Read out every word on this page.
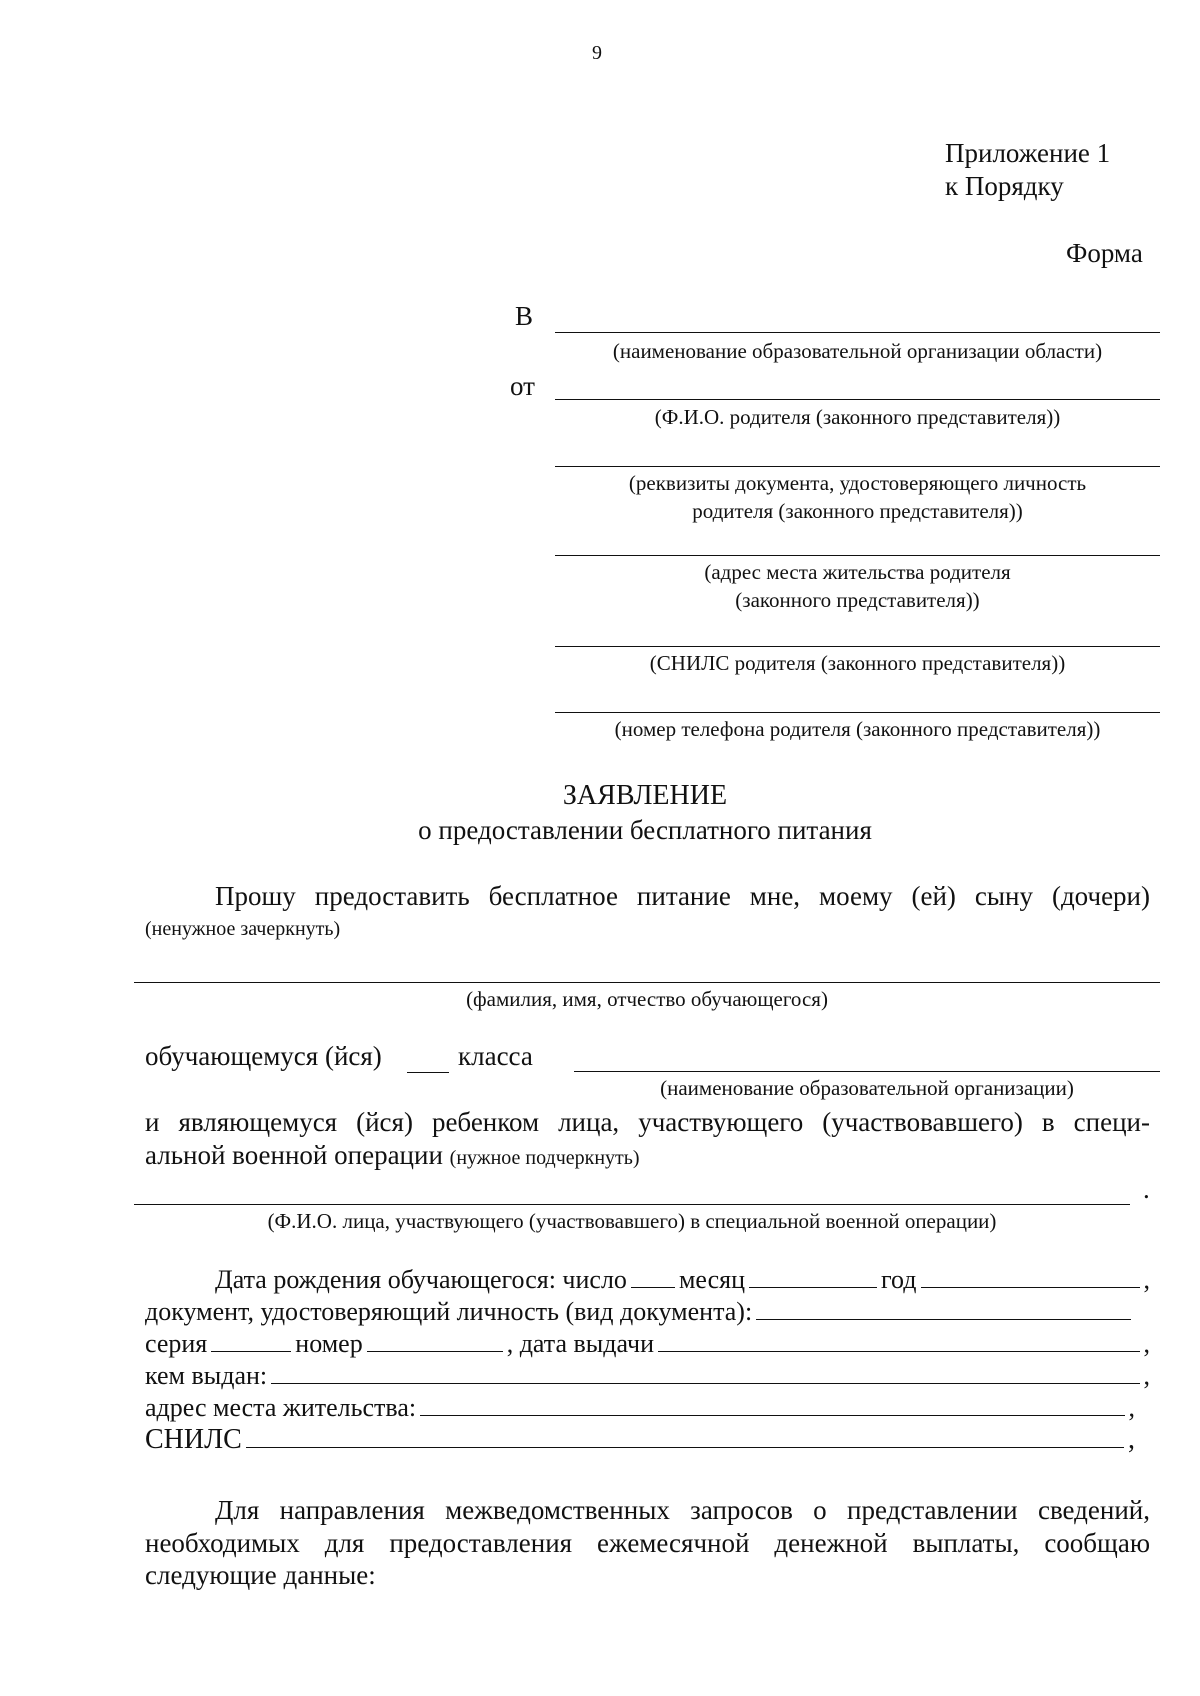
9
Приложение 1
к Порядку
Форма
В
(наименование образовательной организации области)
от
(Ф.И.О. родителя (законного представителя))
(реквизиты документа, удостоверяющего личность
родителя (законного представителя))
(адрес места жительства родителя
(законного представителя))
(СНИЛС родителя (законного представителя))
(номер телефона родителя (законного представителя))
ЗАЯВЛЕНИЕ
о предоставлении бесплатного питания
Прошу предоставить бесплатное питание мне, моему (ей) сыну (дочери)
(ненужное зачеркнуть)
(фамилия, имя, отчество обучающегося)
обучающемуся (йся)	класса
(наименование образовательной организации)
и являющемуся (йся) ребенком лица, участвующего (участвовавшего) в специ-
альной военной операции (нужное подчеркнуть)
.
(Ф.И.О. лица, участвующего (участвовавшего) в специальной военной операции)
Дата рождения обучающегося: число месяц	год	,
документ, удостоверяющий личность (вид документа):
серия	номер	, дата выдачи	,
кем выдан:	,
адрес места жительства:	,
СНИЛС	,
Для направления межведомственных запросов о представлении сведений,
необходимых для предоставления ежемесячной денежной выплаты, сообщаю
следующие данные:
